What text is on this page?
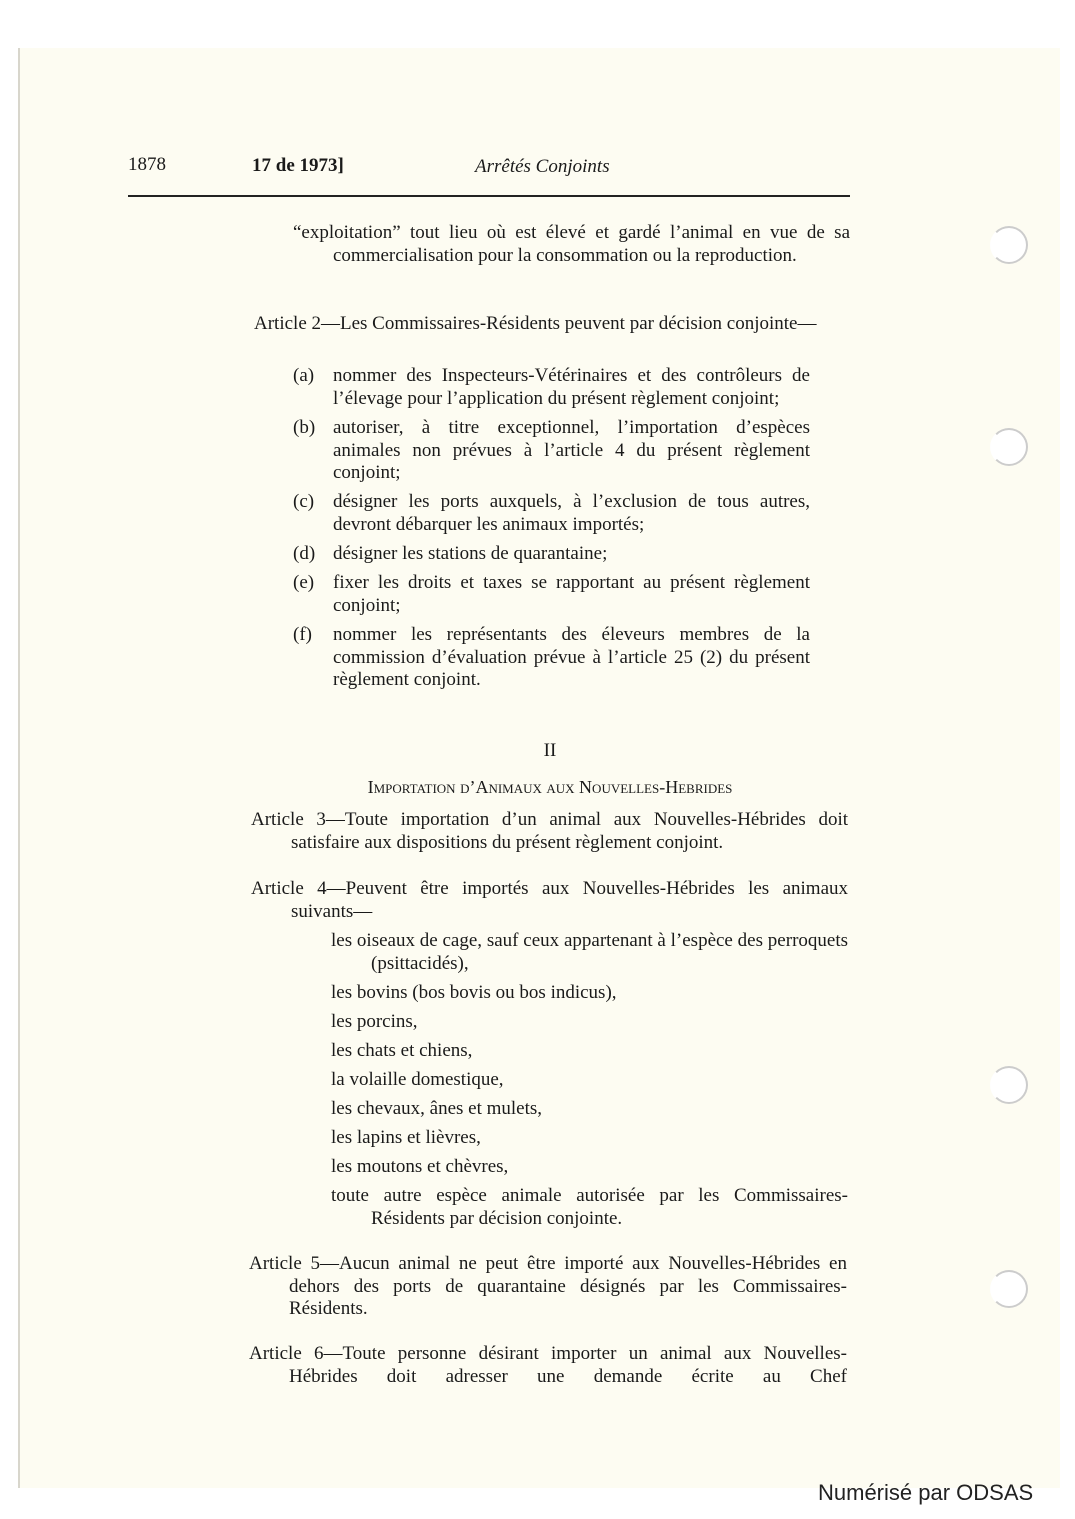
1878	17 de 1973]	Arrêtés Conjoints
“exploitation” tout lieu où est élevé et gardé l’animal en vue de sa commercialisation pour la consommation ou la reproduction.
Article 2—Les Commissaires-Résidents peuvent par décision conjointe—
(a) nommer des Inspecteurs-Vétérinaires et des contrôleurs de l’élevage pour l’application du présent règlement conjoint;
(b) autoriser, à titre exceptionnel, l’importation d’espèces animales non prévues à l’article 4 du présent règlement conjoint;
(c) désigner les ports auxquels, à l’exclusion de tous autres, devront débarquer les animaux importés;
(d) désigner les stations de quarantaine;
(e) fixer les droits et taxes se rapportant au présent règlement conjoint;
(f)	nommer les représentants des éleveurs membres de la commission d’évaluation prévue à l’article 25 (2) du présent règlement conjoint.
II
Importation d’Animaux aux Nouvelles-Hebrides
Article 3—Toute importation d’un animal aux Nouvelles-Hébrides doit satisfaire aux dispositions du présent règlement conjoint.
Article 4—Peuvent être importés aux Nouvelles-Hébrides les animaux suivants—
les oiseaux de cage, sauf ceux appartenant à l’espèce des perroquets (psittacidés),
les bovins (bos bovis ou bos indicus),
les porcins,
les chats et chiens,
la volaille domestique,
les chevaux, ânes et mulets,
les lapins et lièvres,
les moutons et chèvres,
toute autre espèce animale autorisée par les Commissaires-Résidents par décision conjointe.
Article 5—Aucun animal ne peut être importé aux Nouvelles-Hébrides en dehors des ports de quarantaine désignés par les Commissaires-Résidents.
Article 6—Toute personne désirant importer un animal aux Nouvelles-Hébrides doit adresser une demande écrite au Chef
Numérisé par ODSAS
